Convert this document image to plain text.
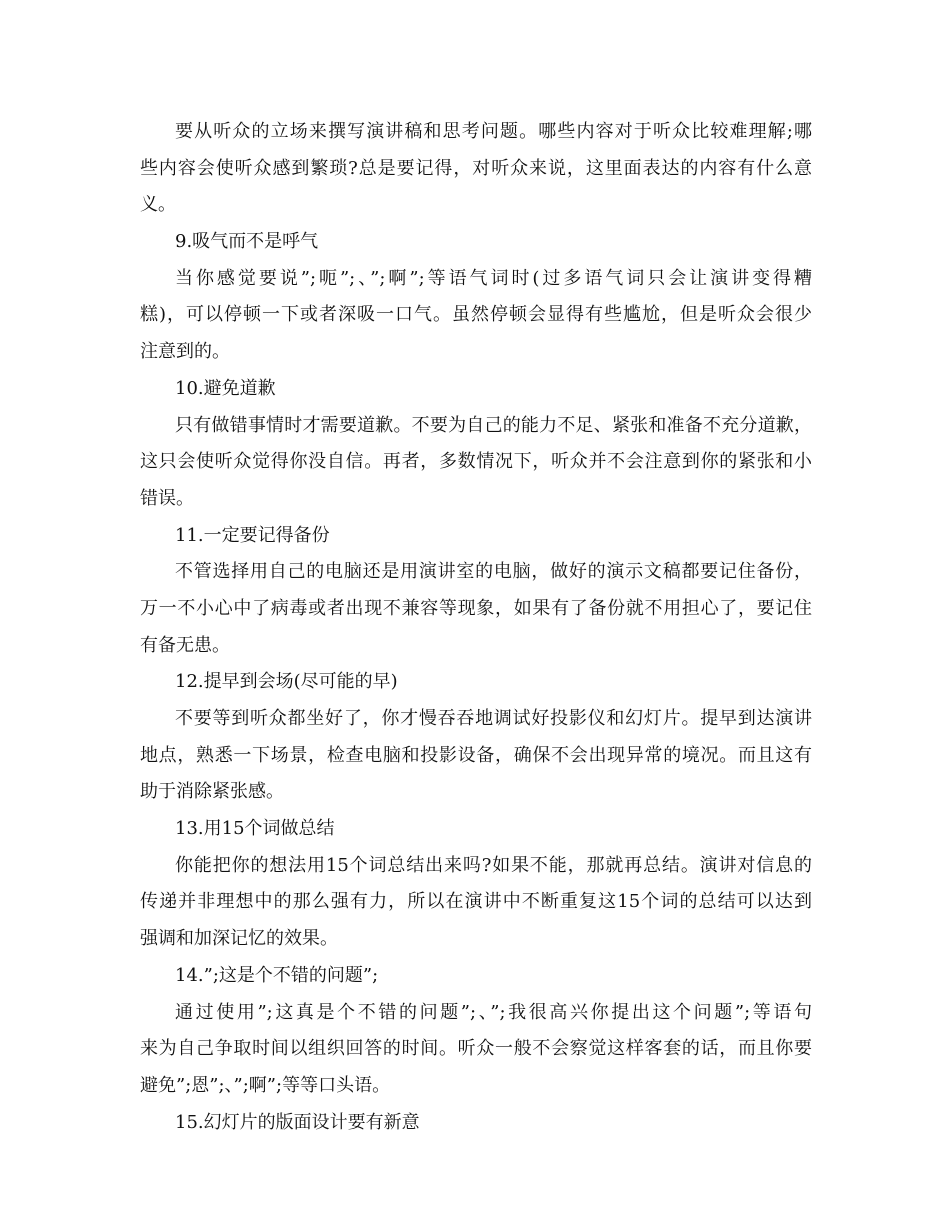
要从听众的立场来撰写演讲稿和思考问题。哪些内容对于听众比较难理解;哪
些内容会使听众感到繁琐?总是要记得，对听众来说，这里面表达的内容有什么意
义。
9.吸气而不是呼气
当你感觉要说”;呃”;、”;啊”;等语气词时(过多语气词只会让演讲变得糟
糕)，可以停顿一下或者深吸一口气。虽然停顿会显得有些尴尬，但是听众会很少
注意到的。
10.避免道歉
只有做错事情时才需要道歉。不要为自己的能力不足、紧张和准备不充分道歉，
这只会使听众觉得你没自信。再者，多数情况下，听众并不会注意到你的紧张和小
错误。
11.一定要记得备份
不管选择用自己的电脑还是用演讲室的电脑，做好的演示文稿都要记住备份，
万一不小心中了病毒或者出现不兼容等现象，如果有了备份就不用担心了，要记住
有备无患。
12.提早到会场(尽可能的早)
不要等到听众都坐好了，你才慢吞吞地调试好投影仪和幻灯片。提早到达演讲
地点，熟悉一下场景，检查电脑和投影设备，确保不会出现异常的境况。而且这有
助于消除紧张感。
13.用15个词做总结
你能把你的想法用15个词总结出来吗?如果不能，那就再总结。演讲对信息的
传递并非理想中的那么强有力，所以在演讲中不断重复这15个词的总结可以达到
强调和加深记忆的效果。
14.”;这是个不错的问题”;
通过使用”;这真是个不错的问题”;、”;我很高兴你提出这个问题”;等语句
来为自己争取时间以组织回答的时间。听众一般不会察觉这样客套的话，而且你要
避免”;恩”;、”;啊”;等等口头语。
15.幻灯片的版面设计要有新意
